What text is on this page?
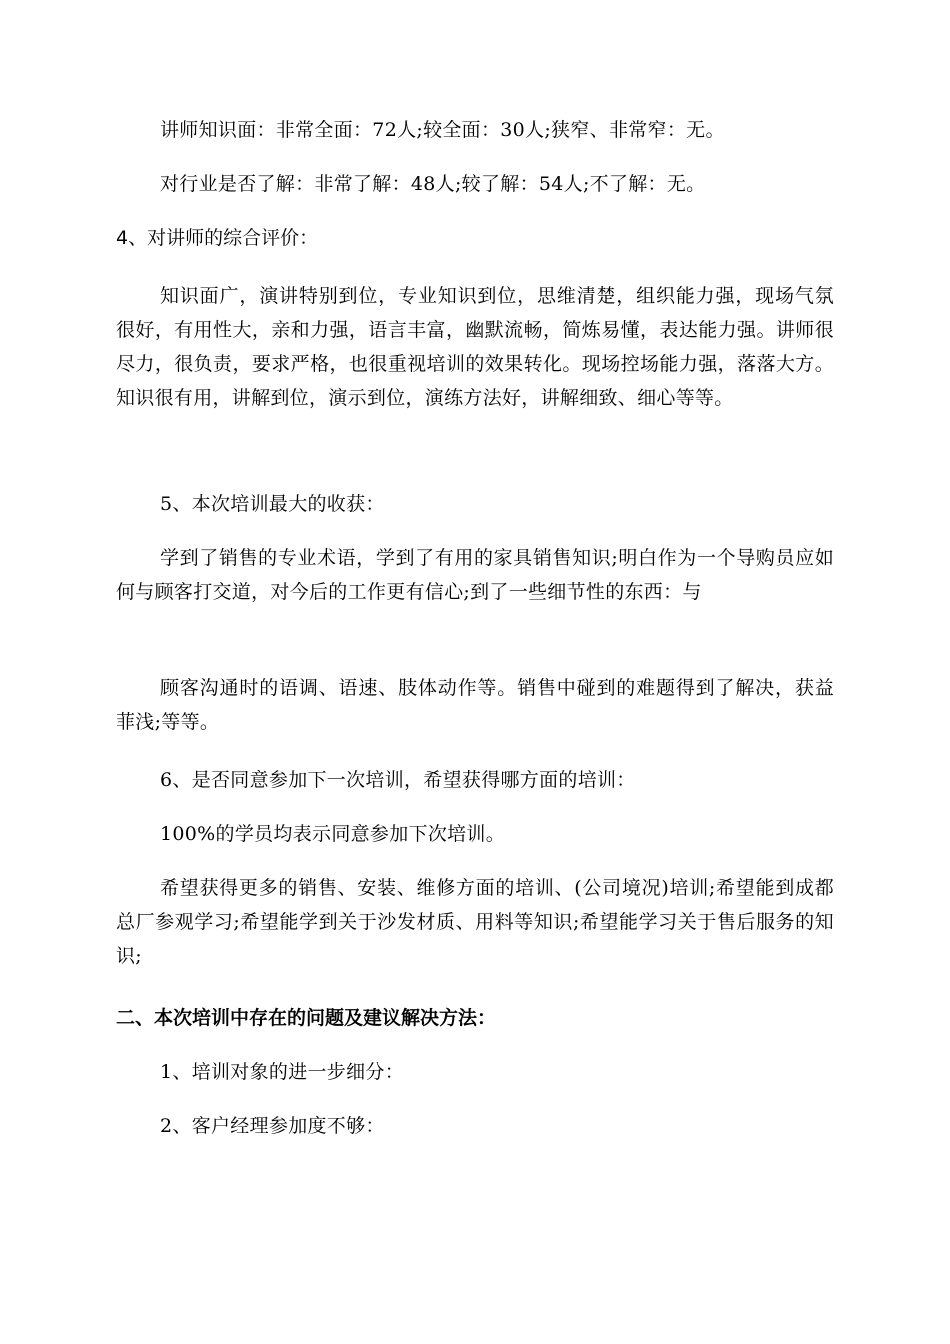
讲师知识面：非常全面：72人;较全面：30人;狭窄、非常窄：无。

对行业是否了解：非常了解：48人;较了解：54人;不了解：无。

4、对讲师的综合评价：

知识面广，演讲特别到位，专业知识到位，思维清楚，组织能力强，现场气氛很好，有用性大，亲和力强，语言丰富，幽默流畅，简炼易懂，表达能力强。讲师很尽力，很负责，要求严格，也很重视培训的效果转化。现场控场能力强，落落大方。知识很有用，讲解到位，演示到位，演练方法好，讲解细致、细心等等。

5、本次培训最大的收获：

学到了销售的专业术语，学到了有用的家具销售知识;明白作为一个导购员应如何与顾客打交道，对今后的工作更有信心;到了一些细节性的东西：与

顾客沟通时的语调、语速、肢体动作等。销售中碰到的难题得到了解决，获益菲浅;等等。

6、是否同意参加下一次培训，希望获得哪方面的培训：

100%的学员均表示同意参加下次培训。

希望获得更多的销售、安装、维修方面的培训、(公司境况)培训;希望能到成都总厂参观学习;希望能学到关于沙发材质、用料等知识;希望能学习关于售后服务的知识;

二、本次培训中存在的问题及建议解决方法：

1、培训对象的进一步细分：

2、客户经理参加度不够：
